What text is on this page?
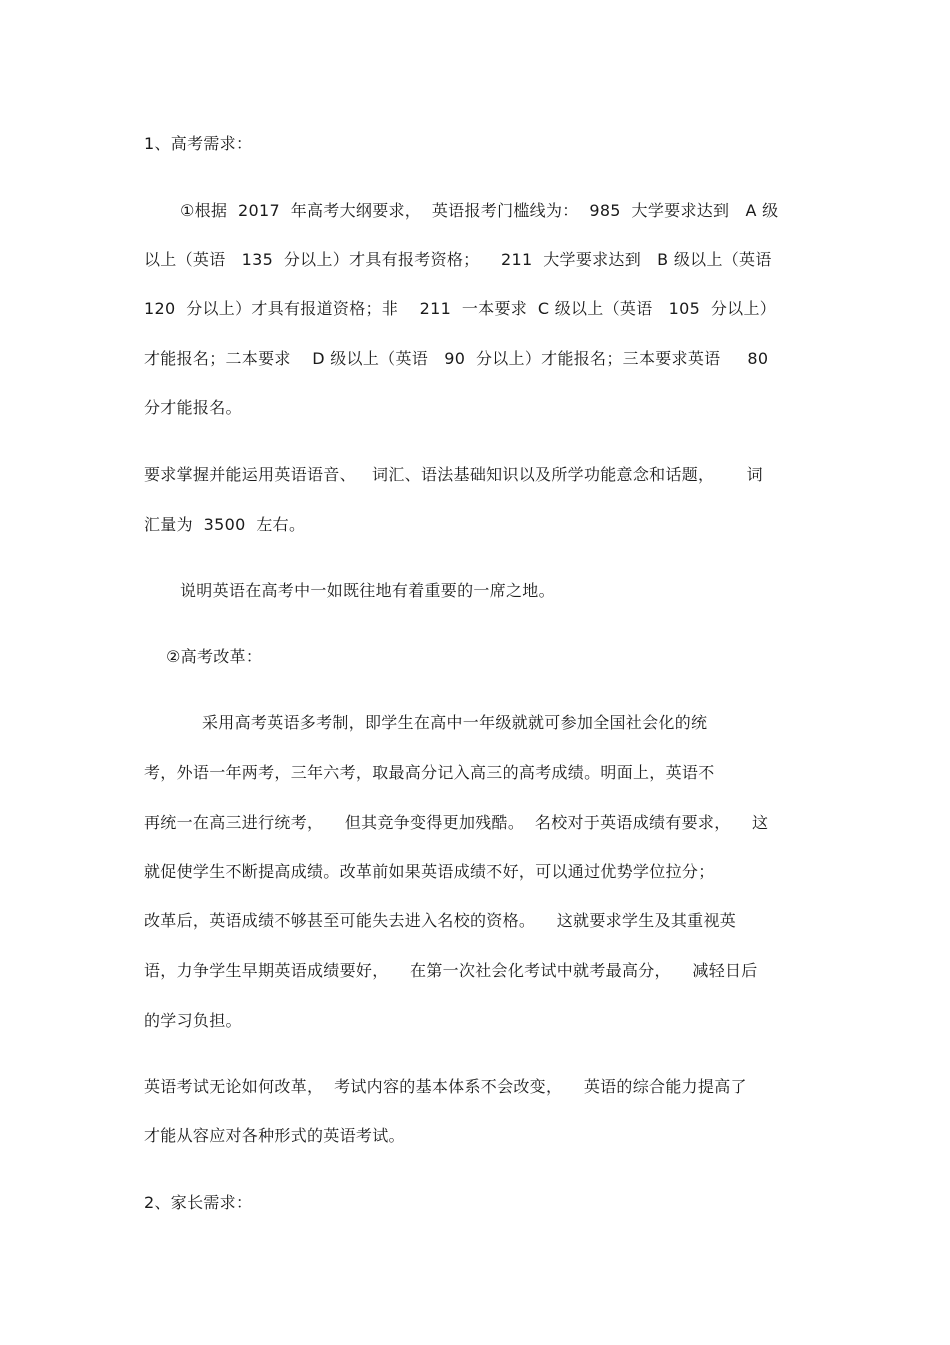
1、高考需求：
①根据  2017  年高考大纲要求，  英语报考门槛线为：  985  大学要求达到   A 级
以上（英语   135  分以上）才具有报考资格；    211  大学要求达到   B 级以上（英语
120  分以上）才具有报道资格；非    211  一本要求  C 级以上（英语   105  分以上）
才能报名；二本要求    D 级以上（英语   90  分以上）才能报名；三本要求英语     80
分才能报名。
要求掌握并能运用英语语音、   词汇、语法基础知识以及所学功能意念和话题，      词
汇量为  3500  左右。
说明英语在高考中一如既往地有着重要的一席之地。
②高考改革：
采用高考英语多考制，即学生在高中一年级就就可参加全国社会化的统
考，外语一年两考，三年六考，取最高分记入高三的高考成绩。明面上，英语不
再统一在高三进行统考，    但其竞争变得更加残酷。  名校对于英语成绩有要求，    这
就促使学生不断提高成绩。改革前如果英语成绩不好，可以通过优势学位拉分；
改革后，英语成绩不够甚至可能失去进入名校的资格。    这就要求学生及其重视英
语，力争学生早期英语成绩要好，    在第一次社会化考试中就考最高分，    减轻日后
的学习负担。
英语考试无论如何改革，  考试内容的基本体系不会改变，    英语的综合能力提高了
才能从容应对各种形式的英语考试。
2、家长需求：
